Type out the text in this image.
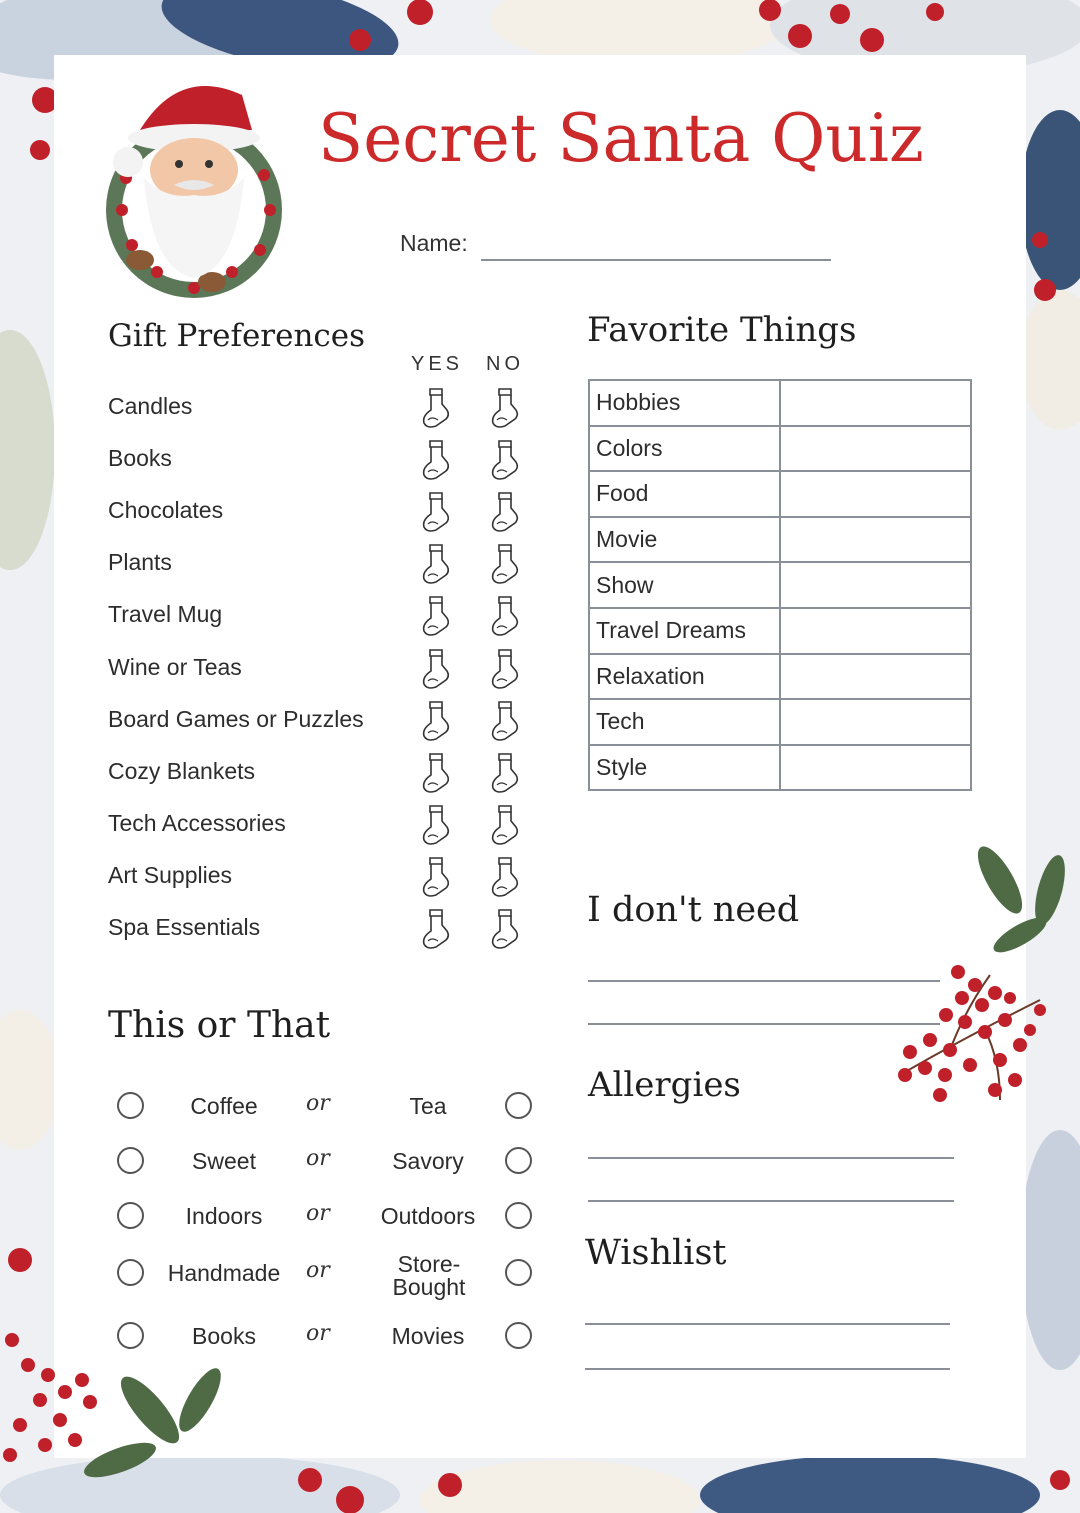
Secret Santa Quiz
Name:
Gift Preferences
YES NO
Candles
Books
Chocolates
Plants
Travel Mug
Wine or Teas
Board Games or Puzzles
Cozy Blankets
Tech Accessories
Art Supplies
Spa Essentials
Favorite Things
Hobbies	
Colors	
Food	
Movie	
Show	
Travel Dreams	
Relaxation	
Tech	
Style	
I don't need
Allergies
Wishlist
This or That
Coffee	or	Tea
Sweet	or	Savory
Indoors	or	Outdoors
Handmade	or	Store-Bought
Books	or	Movies
